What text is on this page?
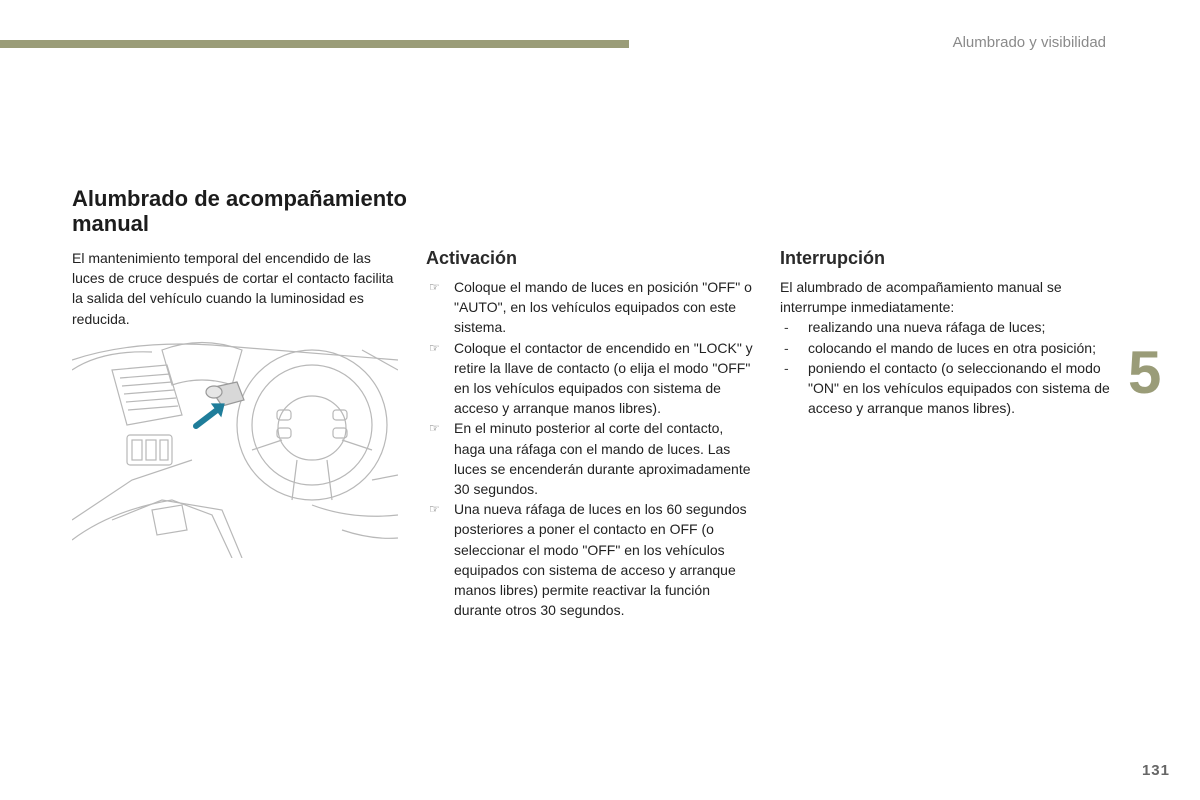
Alumbrado y visibilidad
Alumbrado de acompañamiento manual

El mantenimiento temporal del encendido de las luces de cruce después de cortar el contacto facilita la salida del vehículo cuando la luminosidad es reducida.

Activación
☞ Coloque el mando de luces en posición "OFF" o "AUTO", en los vehículos equipados con este sistema.
☞ Coloque el contactor de encendido en "LOCK" y retire la llave de contacto (o elija el modo "OFF" en los vehículos equipados con sistema de acceso y arranque manos libres).
☞ En el minuto posterior al corte del contacto, haga una ráfaga con el mando de luces. Las luces se encenderán durante aproximadamente 30 segundos.
☞ Una nueva ráfaga de luces en los 60 segundos posteriores a poner el contacto en OFF (o seleccionar el modo "OFF" en los vehículos equipados con sistema de acceso y arranque manos libres) permite reactivar la función durante otros 30 segundos.
Interrupción
El alumbrado de acompañamiento manual se interrumpe inmediatamente:
- realizando una nueva ráfaga de luces;
- colocando el mando de luces en otra posición;
- poniendo el contacto (o seleccionando el modo "ON" en los vehículos equipados con sistema de acceso y arranque manos libres).
5
131
